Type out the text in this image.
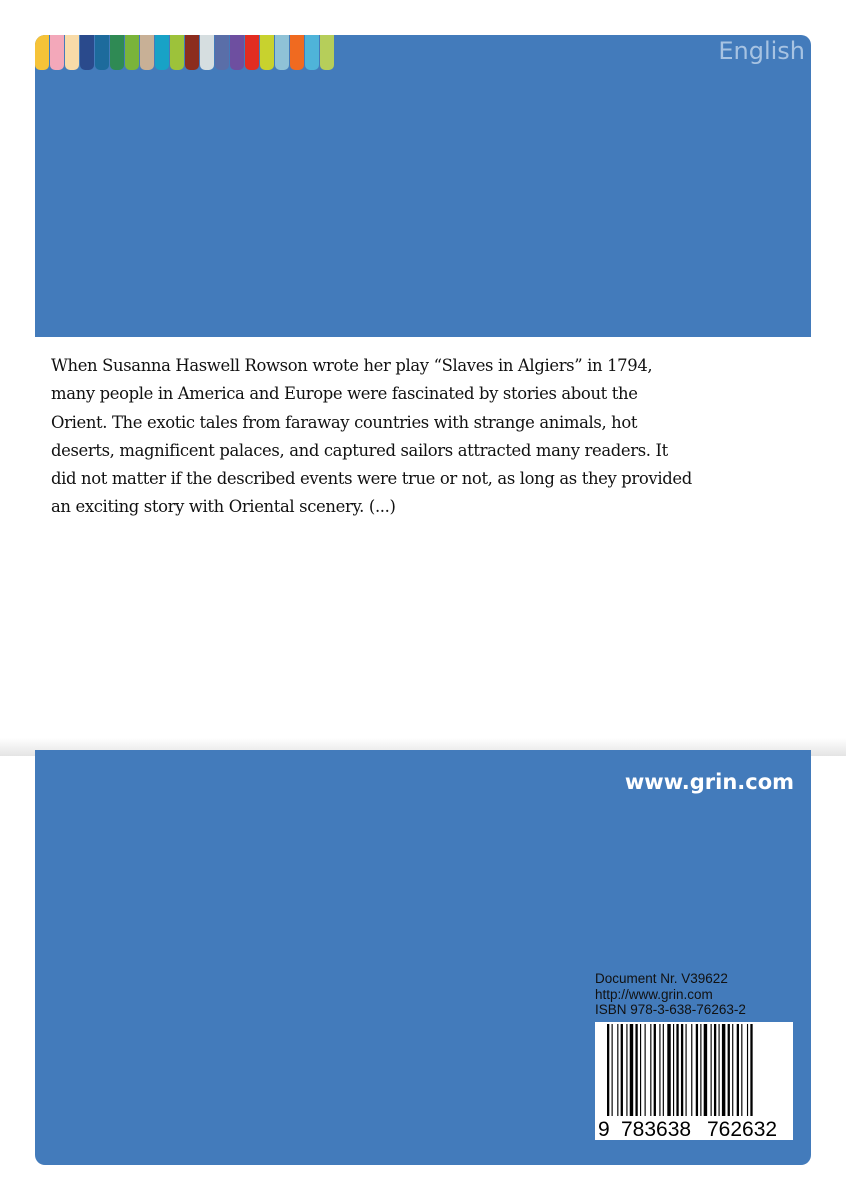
English

When Susanna Haswell Rowson wrote her play “Slaves in Algiers” in 1794,
many people in America and Europe were fascinated by stories about the
Orient. The exotic tales from faraway countries with strange animals, hot
deserts, magnificent palaces, and captured sailors attracted many readers. It
did not matter if the described events were true or not, as long as they provided
an exciting story with Oriental scenery. (...)

www.grin.com
Document Nr. V39622
http://www.grin.com
ISBN 978-3-638-76263-2
9 783638 762632
